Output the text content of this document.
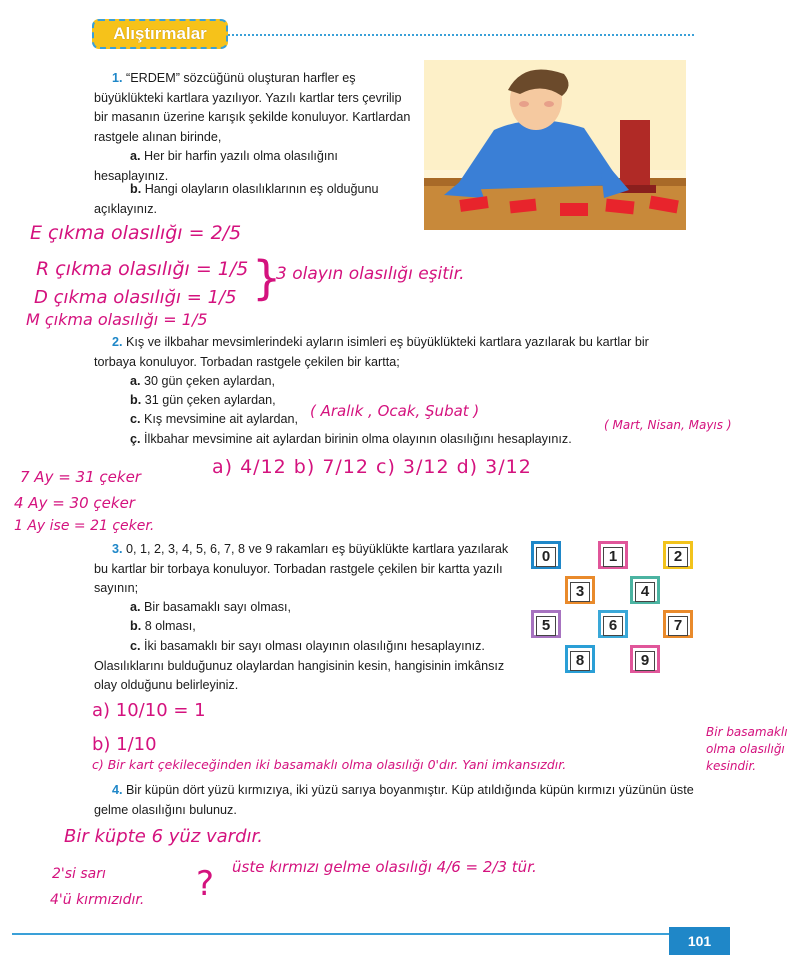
Alıştırmalar
1. “ERDEM” sözcüğünü oluşturan harfler eş büyüklükteki kartlara yazılıyor. Yazılı kartlar ters çevrilip bir masanın üzerine karışık şekilde konuluyor. Kartlardan rastgele alınan birinde,
a. Her bir harfin yazılı olma olasılığını hesaplayınız.
b. Hangi olayların olasılıklarının eş olduğunu açıklayınız.
E çıkma olasılığı = 2/5
R çıkma olasılığı = 1/5
D çıkma olasılığı = 1/5
M çıkma olasılığı = 1/5
}
3 olayın olasılığı eşitir.
2. Kış ve ilkbahar mevsimlerindeki ayların isimleri eş büyüklükteki kartlara yazılarak bu kartlar bir torbaya konuluyor. Torbadan rastgele çekilen bir kartta;
a. 30 gün çeken aylardan,
b. 31 gün çeken aylardan,
c. Kış mevsimine ait aylardan,
ç. İlkbahar mevsimine ait aylardan birinin olma olayının olasılığını hesaplayınız.
( Aralık , Ocak, Şubat )
( Mart, Nisan, Mayıs )
7 Ay = 31 çeker
4 Ay = 30 çeker
1 Ay ise = 21 çeker.
a) 4/12 b) 7/12 c) 3/12 d) 3/12
3. 0, 1, 2, 3, 4, 5, 6, 7, 8 ve 9 rakamları eş büyüklükte kartlara yazılarak bu kartlar bir torbaya konuluyor. Torbadan rastgele çekilen bir kartta yazılı sayının;
a. Bir basamaklı sayı olması,
b. 8 olması,
c. İki basamaklı bir sayı olması olayının olasılığını hesaplayınız. Olasılıklarını bulduğunuz olaylardan hangisinin kesin, hangisinin imkânsız olay olduğunu belirleyiniz.
0	1	2
3	4
5	6	7
8	9
a) 10/10 = 1
b) 1/10
c) Bir kart çekileceğinden iki basamaklı olma olasılığı 0'dır. Yani imkansızdır.
Bir basamaklı olma olasılığı kesindir.
4. Bir küpün dört yüzü kırmızıya, iki yüzü sarıya boyanmıştır. Küp atıldığında küpün kırmızı yüzünün üste gelme olasılığını bulunuz.
Bir küpte 6 yüz vardır.
2'si sarı
4'ü kırmızıdır. ? üste kırmızı gelme olasılığı 4/6 = 2/3 tür.
101
